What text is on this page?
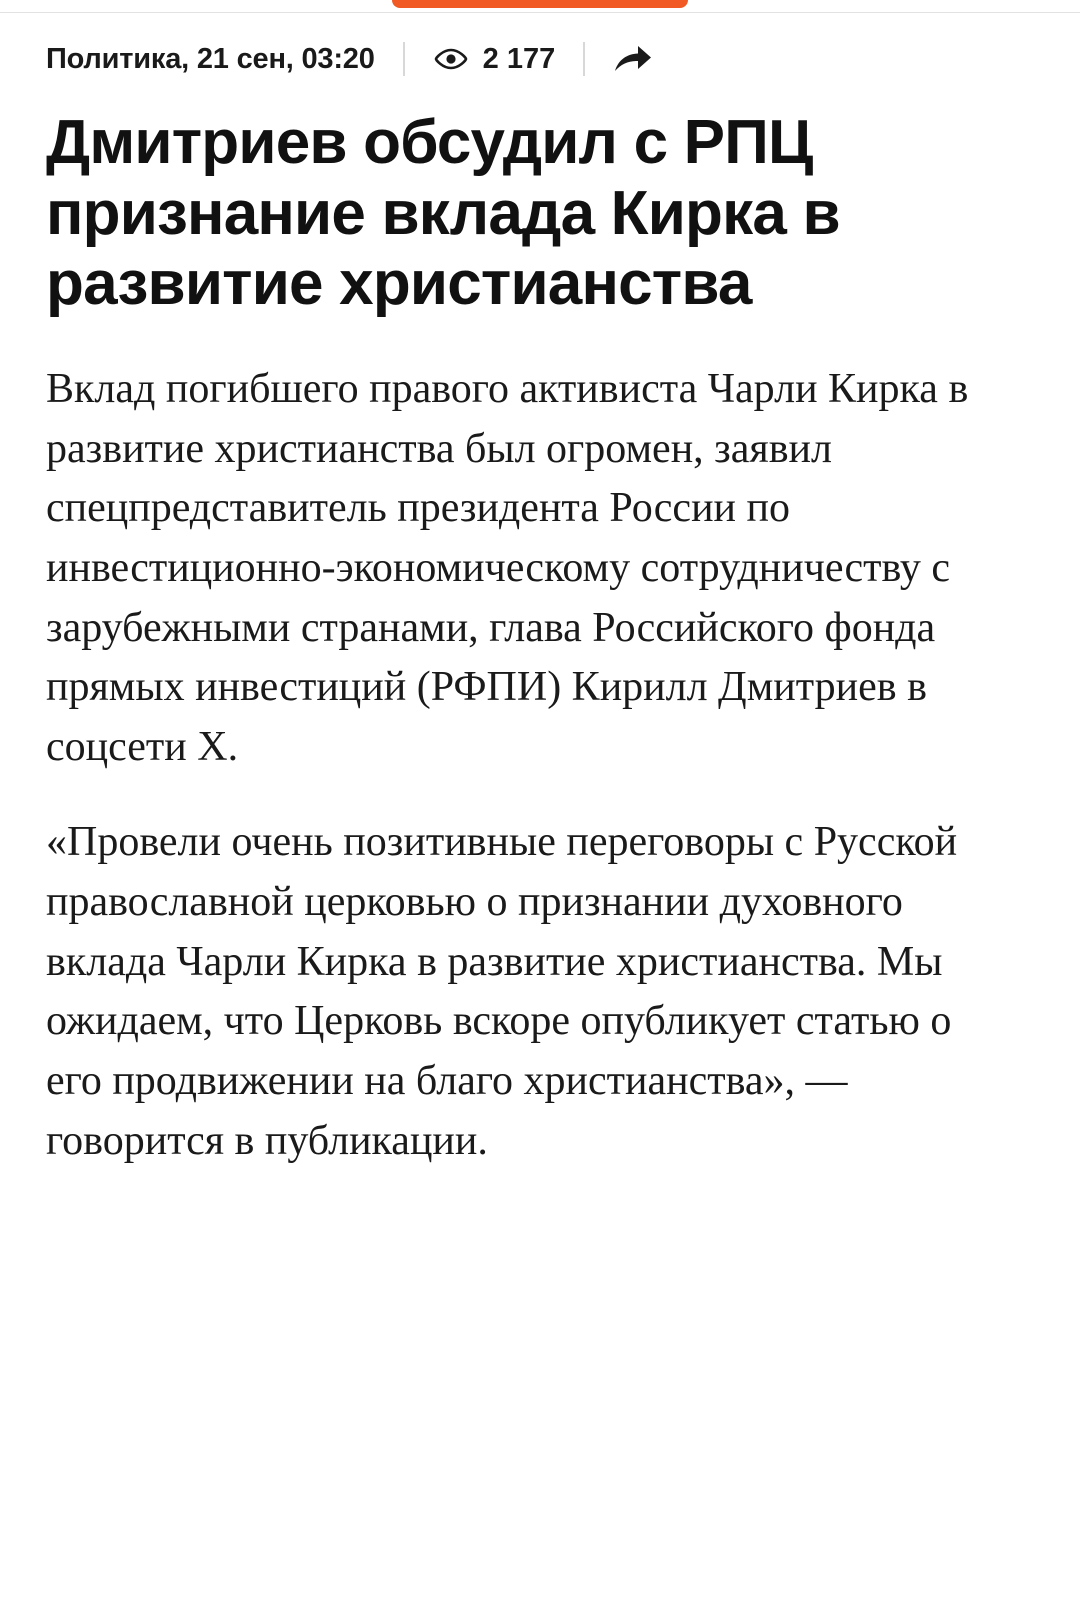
Политика, 21 сен, 03:20	2 177
Дмитриев обсудил с РПЦ признание вклада Кирка в развитие христианства

Вклад погибшего правого активиста Чарли Кирка в развитие христианства был огромен, заявил спецпредставитель президента России по инвестиционно-экономическому сотрудничеству с зарубежными странами, глава Российского фонда прямых инвестиций (РФПИ) Кирилл Дмитриев в соцсети X.

«Провели очень позитивные переговоры с Русской православной церковью о признании духовного вклада Чарли Кирка в развитие христианства. Мы ожидаем, что Церковь вскоре опубликует статью о его продвижении на благо христианства», — говорится в публикации.
